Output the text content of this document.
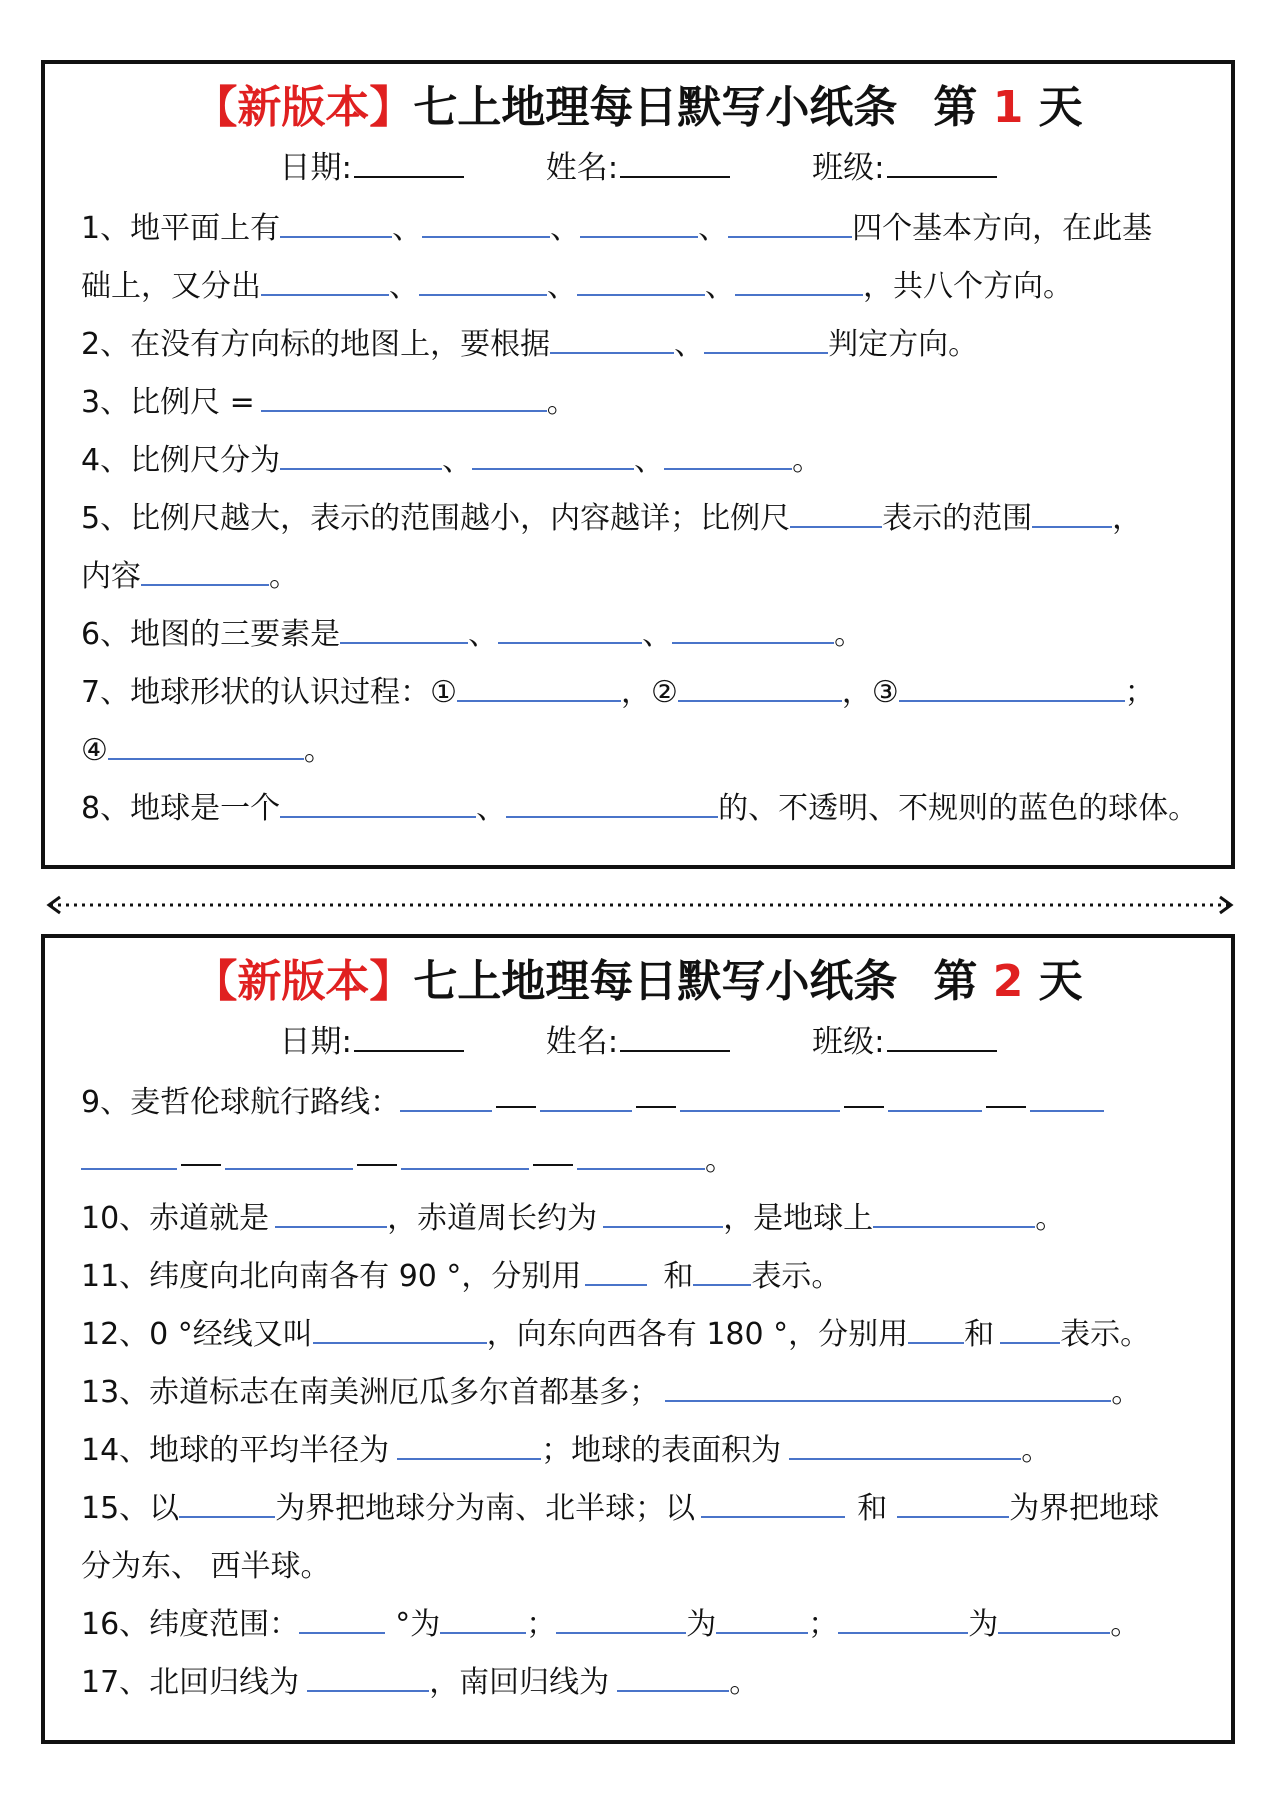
【新版本】七上地理每日默写小纸条 第 1 天
日期:	姓名:	班级:
1、地平面上有	、	、	、	四个基本方向，在此基
础上，又分出	、	、	、	，共八个方向。
2、在没有方向标的地图上，要根据	、	判定方向。
3、比例尺 =	。
4、比例尺分为	、	、	。
5、比例尺越大，表示的范围越小，内容越详；比例尺	表示的范围	，
内容	。
6、地图的三要素是	、	、	。
7、地球形状的认识过程：①	，②	，③	；
④	。
8、地球是一个	、	的、不透明、不规则的蓝色的球体。
【新版本】七上地理每日默写小纸条 第 2 天
日期:	姓名:	班级:
9、麦哲伦球航行路线：
。
10、赤道就是	，赤道周长约为	，是地球上	。
11、纬度向北向南各有 90 °，分别用	和 表示。
12、0 °经线又叫	，向东向西各有 180 °，分别用 和 表示。
13、赤道标志在南美洲厄瓜多尔首都基多；	。
14、地球的平均半径为	；地球的表面积为	。
15、以	为界把地球分为南、北半球；以	和	为界把地球
分为东、 西半球。
16、纬度范围：	°为	；	为	；	为	。
17、北回归线为	，南回归线为	。
